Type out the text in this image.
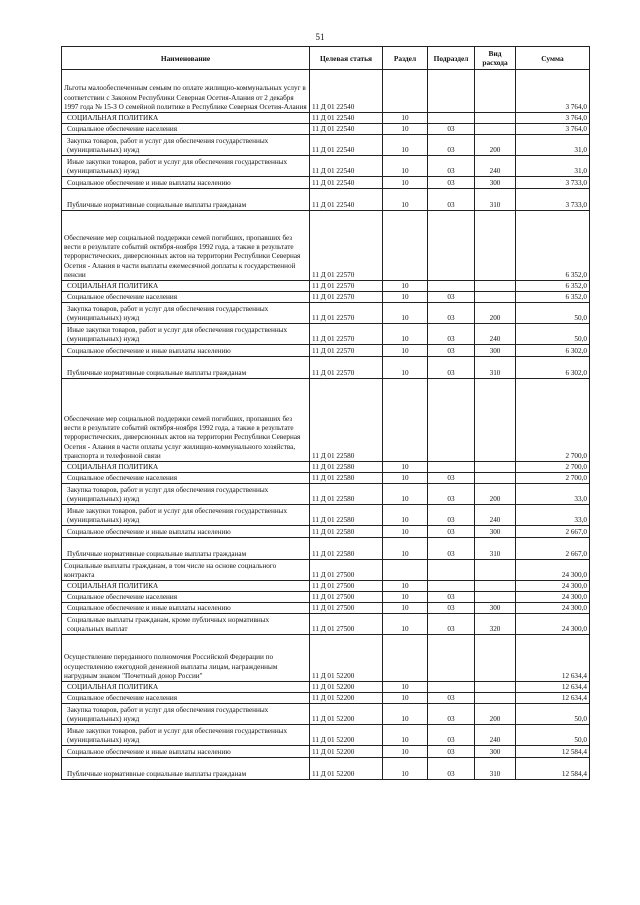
51
Наименование	Целевая статья	Раздел	Подраздел	Вид расхода	Сумма
Льготы малообеспеченным семьям по оплате жилищно-коммунальных услуг в соответствии с Законом Республики Северная Осетия-Алания от 2 декабря 1997 года № 15-З О семейной политике в Республике Северная Осетия-Алания	11 Д 01 22540				3 764,0
СОЦИАЛЬНАЯ ПОЛИТИКА	11 Д 01 22540	10			3 764,0
Социальное обеспечение населения	11 Д 01 22540	10	03		3 764,0
Закупка товаров, работ и услуг для обеспечения государственных (муниципальных) нужд	11 Д 01 22540	10	03	200	31,0
Иные закупки товаров, работ и услуг для обеспечения государственных (муниципальных) нужд	11 Д 01 22540	10	03	240	31,0
Социальное обеспечение и иные выплаты населению	11 Д 01 22540	10	03	300	3 733,0
Публичные нормативные социальные выплаты гражданам	11 Д 01 22540	10	03	310	3 733,0
Обеспечение мер социальной поддержки семей погибших, пропавших без вести в результате событий октября-ноября 1992 года, а также в результате террористических, диверсионных актов на территории Республики Северная Осетия - Алания в части выплаты ежемесячной доплаты к государственной пенсии	11 Д 01 22570				6 352,0
СОЦИАЛЬНАЯ ПОЛИТИКА	11 Д 01 22570	10			6 352,0
Социальное обеспечение населения	11 Д 01 22570	10	03		6 352,0
Закупка товаров, работ и услуг для обеспечения государственных (муниципальных) нужд	11 Д 01 22570	10	03	200	50,0
Иные закупки товаров, работ и услуг для обеспечения государственных (муниципальных) нужд	11 Д 01 22570	10	03	240	50,0
Социальное обеспечение и иные выплаты населению	11 Д 01 22570	10	03	300	6 302,0
Публичные нормативные социальные выплаты гражданам	11 Д 01 22570	10	03	310	6 302,0
Обеспечение мер социальной поддержки семей погибших, пропавших без вести в результате событий октября-ноября 1992 года, а также в результате террористических, диверсионных актов на территории Республики Северная Осетия - Алания в части оплаты услуг жилищно-коммунального хозяйства, транспорта и телефонной связи	11 Д 01 22580				2 700,0
СОЦИАЛЬНАЯ ПОЛИТИКА	11 Д 01 22580	10			2 700,0
Социальное обеспечение населения	11 Д 01 22580	10	03		2 700,0
Закупка товаров, работ и услуг для обеспечения государственных (муниципальных) нужд	11 Д 01 22580	10	03	200	33,0
Иные закупки товаров, работ и услуг для обеспечения государственных (муниципальных) нужд	11 Д 01 22580	10	03	240	33,0
Социальное обеспечение и иные выплаты населению	11 Д 01 22580	10	03	300	2 667,0
Публичные нормативные социальные выплаты гражданам	11 Д 01 22580	10	03	310	2 667,0
Социальные выплаты гражданам, в том числе на основе социального контракта	11 Д 01 27500				24 300,0
СОЦИАЛЬНАЯ ПОЛИТИКА	11 Д 01 27500	10			24 300,0
Социальное обеспечение населения	11 Д 01 27500	10	03		24 300,0
Социальное обеспечение и иные выплаты населению	11 Д 01 27500	10	03	300	24 300,0
Социальные выплаты гражданам, кроме публичных нормативных социальных выплат	11 Д 01 27500	10	03	320	24 300,0
Осуществление переданного полномочия Российской Федерации по осуществлению ежегодной денежной выплаты лицам, награжденным нагрудным знаком "Почетный донор России"	11 Д 01 52200				12 634,4
СОЦИАЛЬНАЯ ПОЛИТИКА	11 Д 01 52200	10			12 634,4
Социальное обеспечение населения	11 Д 01 52200	10	03		12 634,4
Закупка товаров, работ и услуг для обеспечения государственных (муниципальных) нужд	11 Д 01 52200	10	03	200	50,0
Иные закупки товаров, работ и услуг для обеспечения государственных (муниципальных) нужд	11 Д 01 52200	10	03	240	50,0
Социальное обеспечение и иные выплаты населению	11 Д 01 52200	10	03	300	12 584,4
Публичные нормативные социальные выплаты гражданам	11 Д 01 52200	10	03	310	12 584,4
